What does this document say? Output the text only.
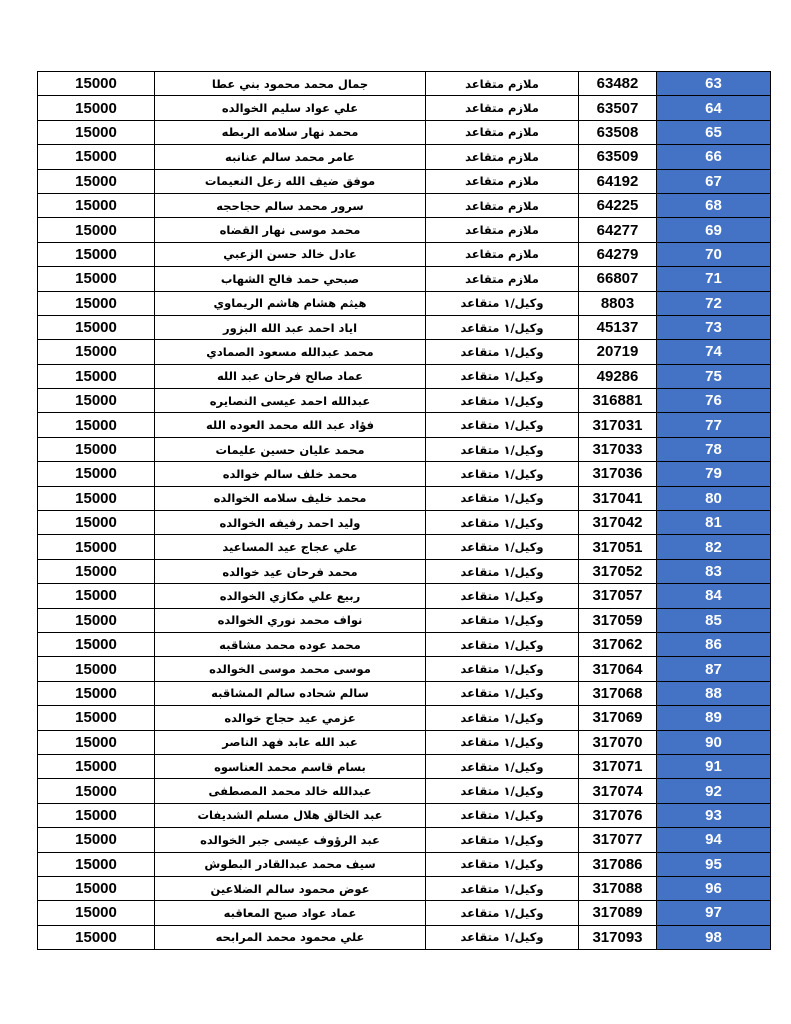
15000	جمال محمد محمود بني عطا	ملازم متقاعد	63482	63
15000	علي عواد سليم الخوالده	ملازم متقاعد	63507	64
15000	محمد نهار سلامه الربطه	ملازم متقاعد	63508	65
15000	عامر محمد سالم عنانبه	ملازم متقاعد	63509	66
15000	موفق ضيف الله زعل النعيمات	ملازم متقاعد	64192	67
15000	سرور محمد سالم حجاحجه	ملازم متقاعد	64225	68
15000	محمد موسى نهار القضاه	ملازم متقاعد	64277	69
15000	عادل خالد حسن الزعبي	ملازم متقاعد	64279	70
15000	صبحي حمد فالح الشهاب	ملازم متقاعد	66807	71
15000	هيثم هشام هاشم الريماوي	وكيل/١ متقاعد	8803	72
15000	اياد احمد عبد الله البزور	وكيل/١ متقاعد	45137	73
15000	محمد عبدالله مسعود الصمادي	وكيل/١ متقاعد	20719	74
15000	عماد صالح فرحان عبد الله	وكيل/١ متقاعد	49286	75
15000	عبدالله احمد عيسى النصايره	وكيل/١ متقاعد	316881	76
15000	فؤاد عبد الله محمد العوده الله	وكيل/١ متقاعد	317031	77
15000	محمد عليان حسين عليمات	وكيل/١ متقاعد	317033	78
15000	محمد خلف سالم خوالده	وكيل/١ متقاعد	317036	79
15000	محمد خليف سلامه الخوالده	وكيل/١ متقاعد	317041	80
15000	وليد احمد رفيفه الخوالده	وكيل/١ متقاعد	317042	81
15000	علي عجاج عيد المساعيد	وكيل/١ متقاعد	317051	82
15000	محمد فرحان عيد خوالده	وكيل/١ متقاعد	317052	83
15000	ربيع علي مكازي الخوالده	وكيل/١ متقاعد	317057	84
15000	نواف محمد نوري الخوالده	وكيل/١ متقاعد	317059	85
15000	محمد عوده محمد مشاقبه	وكيل/١ متقاعد	317062	86
15000	موسى محمد موسى الخوالده	وكيل/١ متقاعد	317064	87
15000	سالم شحاده سالم المشاقبه	وكيل/١ متقاعد	317068	88
15000	عزمي عيد حجاج خوالده	وكيل/١ متقاعد	317069	89
15000	عبد الله عابد فهد الناصر	وكيل/١ متقاعد	317070	90
15000	بسام قاسم محمد العناسوه	وكيل/١ متقاعد	317071	91
15000	عبدالله خالد محمد المصطفى	وكيل/١ متقاعد	317074	92
15000	عبد الخالق هلال مسلم الشديفات	وكيل/١ متقاعد	317076	93
15000	عبد الرؤوف عيسى جبر الخوالده	وكيل/١ متقاعد	317077	94
15000	سيف محمد عبدالقادر البطوش	وكيل/١ متقاعد	317086	95
15000	عوض محمود سالم الضلاعين	وكيل/١ متقاعد	317088	96
15000	عماد عواد صبح المعاقبه	وكيل/١ متقاعد	317089	97
15000	علي محمود محمد المرابحه	وكيل/١ متقاعد	317093	98
